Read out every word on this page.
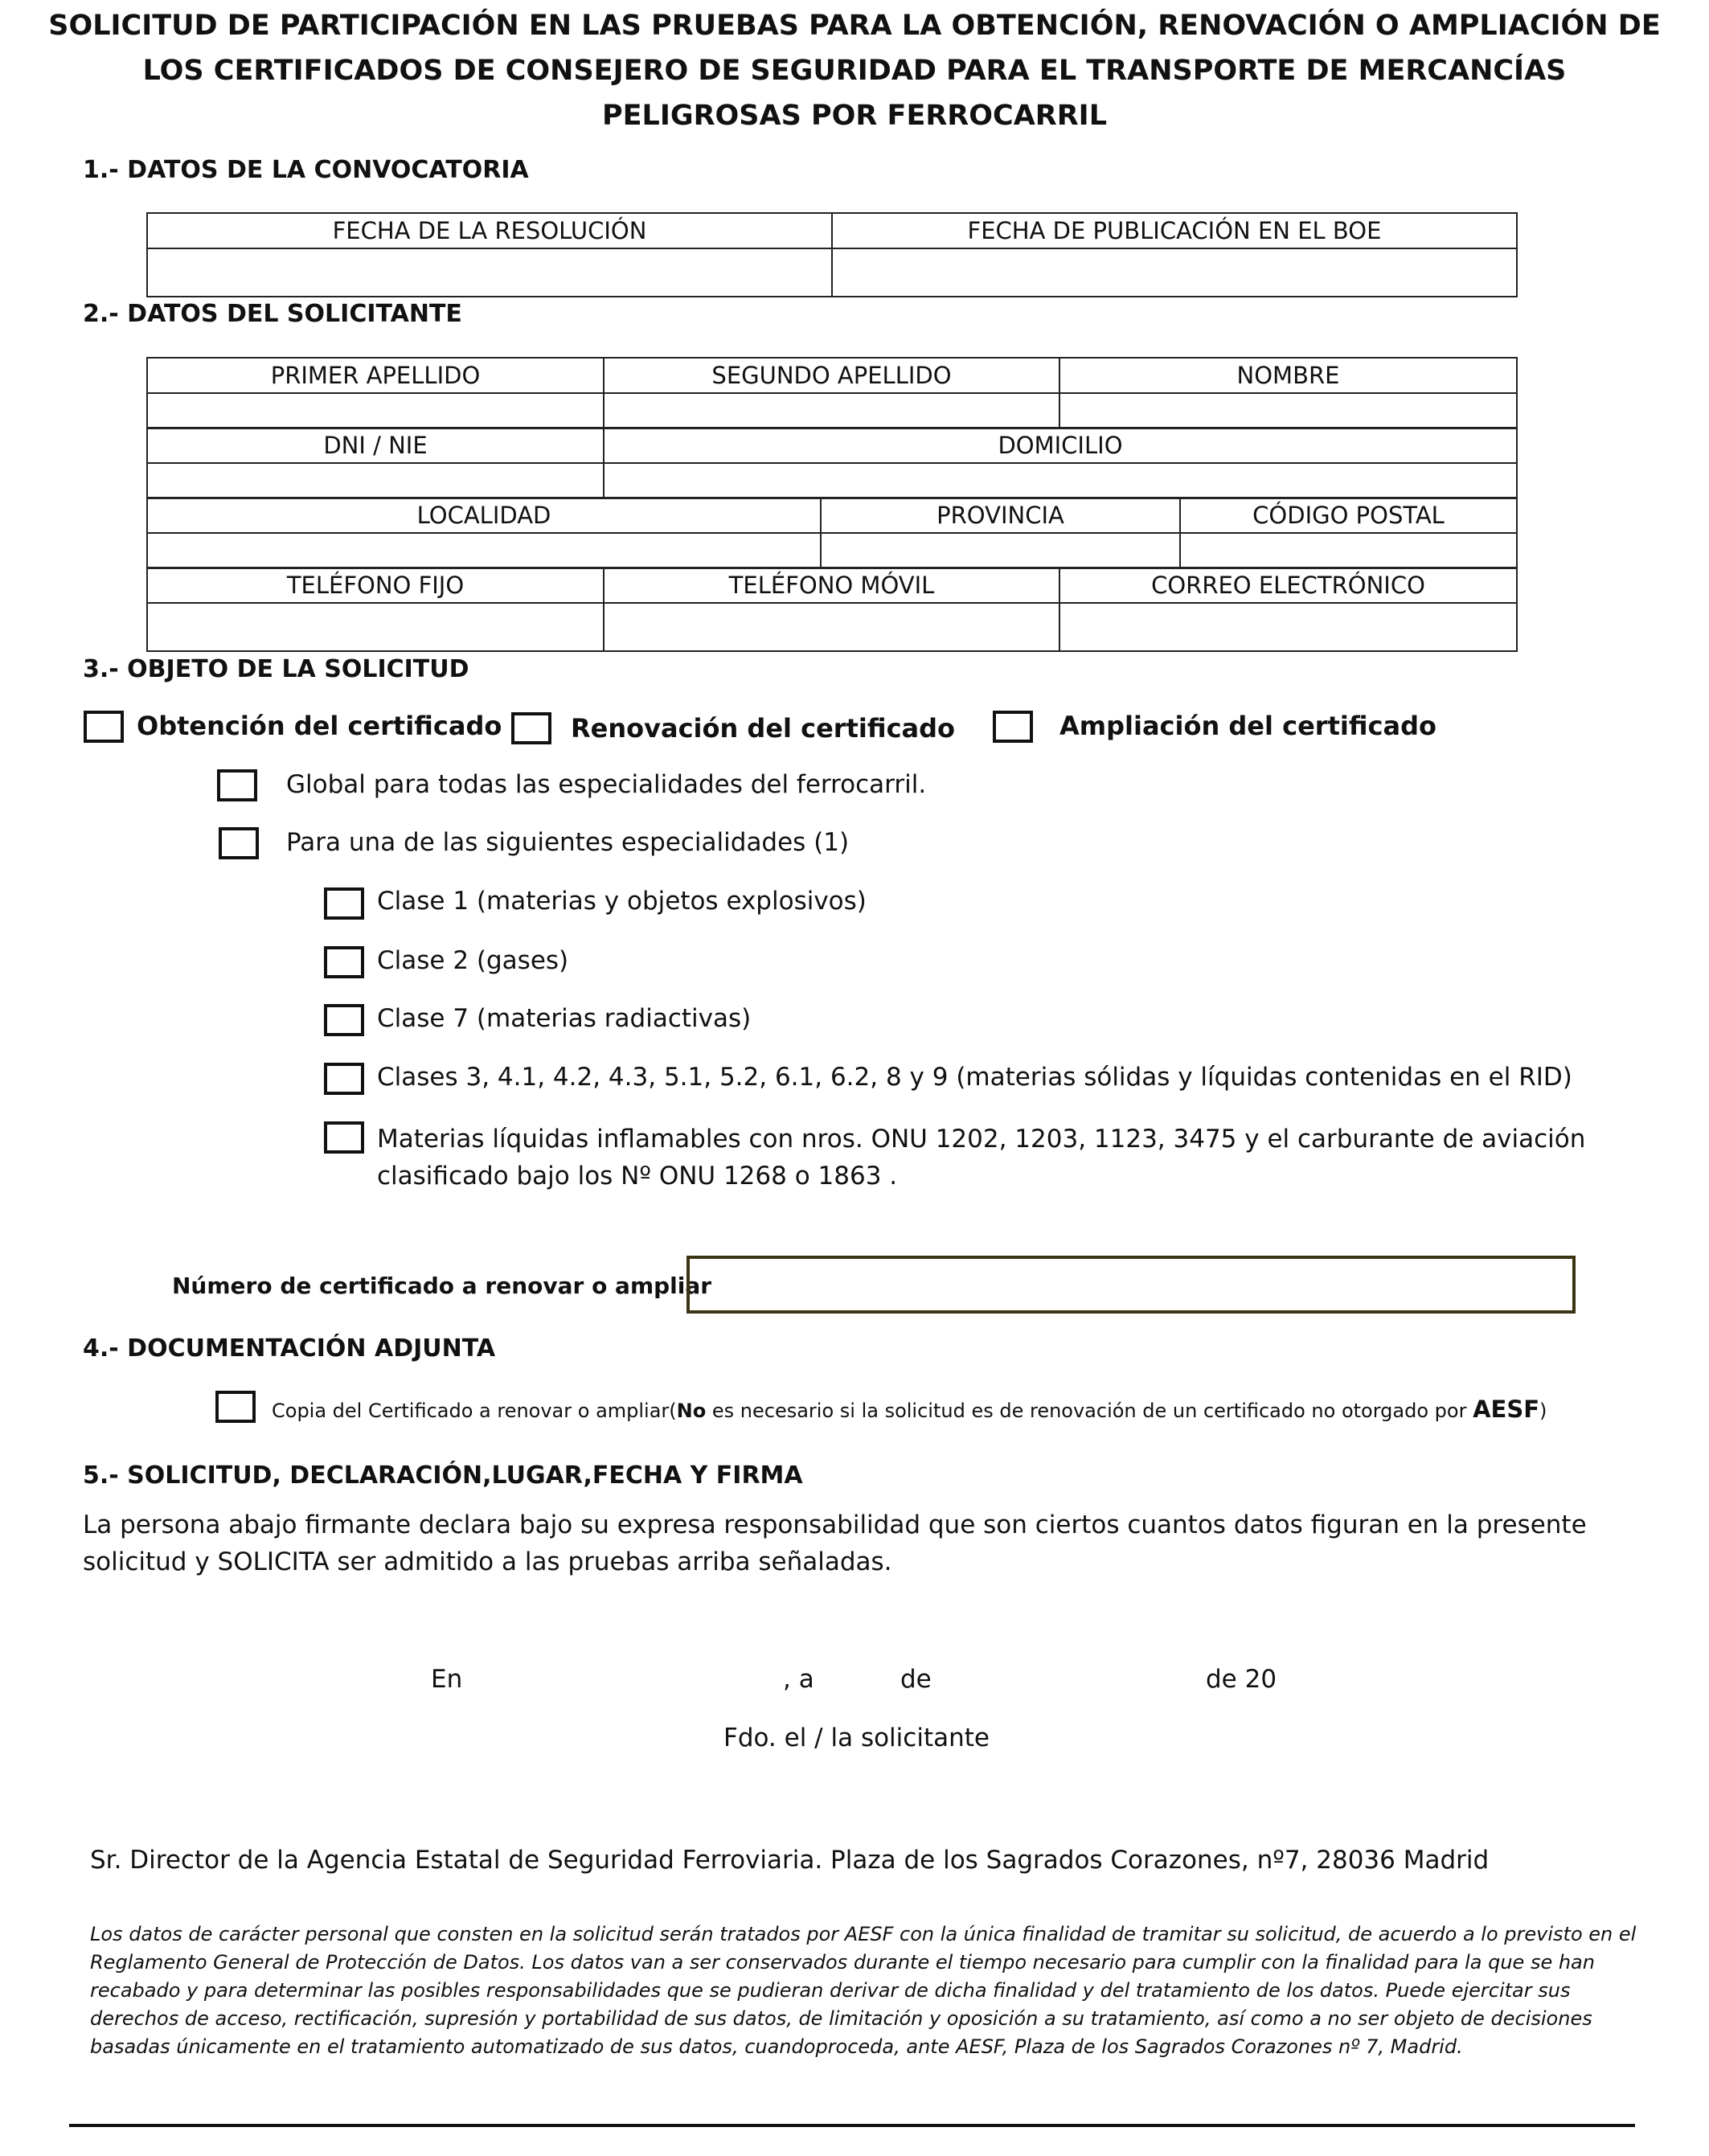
SOLICITUD DE PARTICIPACIÓN EN LAS PRUEBAS PARA LA OBTENCIÓN, RENOVACIÓN O AMPLIACIÓN DE
LOS CERTIFICADOS DE CONSEJERO DE SEGURIDAD PARA EL TRANSPORTE DE MERCANCÍAS
PELIGROSAS POR FERROCARRIL
1.- DATOS DE LA CONVOCATORIA
FECHA DE LA RESOLUCIÓN	FECHA DE PUBLICACIÓN EN EL BOE

2.- DATOS DEL SOLICITANTE
PRIMER APELLIDO	SEGUNDO APELLIDO	NOMBRE

DNI / NIE	DOMICILIO

LOCALIDAD	PROVINCIA	CÓDIGO POSTAL

TELÉFONO FIJO	TELÉFONO MÓVIL	CORREO ELECTRÓNICO

3.- OBJETO DE LA SOLICITUD
Obtención del certificado	Renovación del certificado	Ampliación del certificado
Global para todas las especialidades del ferrocarril.
Para una de las siguientes especialidades (1)
Clase 1 (materias y objetos explosivos)
Clase 2 (gases)
Clase 7 (materias radiactivas)
Clases 3, 4.1, 4.2, 4.3, 5.1, 5.2, 6.1, 6.2, 8 y 9 (materias sólidas y líquidas contenidas en el RID)
Materias líquidas inflamables con nros. ONU 1202, 1203, 1123, 3475 y el carburante de aviación
clasificado bajo los Nº ONU 1268 o 1863 .
Número de certificado a renovar o ampliar
4.- DOCUMENTACIÓN ADJUNTA
Copia del Certificado a renovar o ampliar(No es necesario si la solicitud es de renovación de un certificado no otorgado por AESF)
5.- SOLICITUD, DECLARACIÓN,LUGAR,FECHA Y FIRMA
La persona abajo firmante declara bajo su expresa responsabilidad que son ciertos cuantos datos figuran en la presente
solicitud y SOLICITA ser admitido a las pruebas arriba señaladas.
En	, a	de	de 20
Fdo. el / la solicitante
Sr. Director de la Agencia Estatal de Seguridad Ferroviaria. Plaza de los Sagrados Corazones, nº7, 28036 Madrid
Los datos de carácter personal que consten en la solicitud serán tratados por AESF con la única finalidad de tramitar su solicitud, de acuerdo a lo previsto en el
Reglamento General de Protección de Datos. Los datos van a ser conservados durante el tiempo necesario para cumplir con la finalidad para la que se han
recabado y para determinar las posibles responsabilidades que se pudieran derivar de dicha finalidad y del tratamiento de los datos. Puede ejercitar sus
derechos de acceso, rectificación, supresión y portabilidad de sus datos, de limitación y oposición a su tratamiento, así como a no ser objeto de decisiones
basadas únicamente en el tratamiento automatizado de sus datos, cuandoproceda, ante AESF, Plaza de los Sagrados Corazones nº 7, Madrid.
